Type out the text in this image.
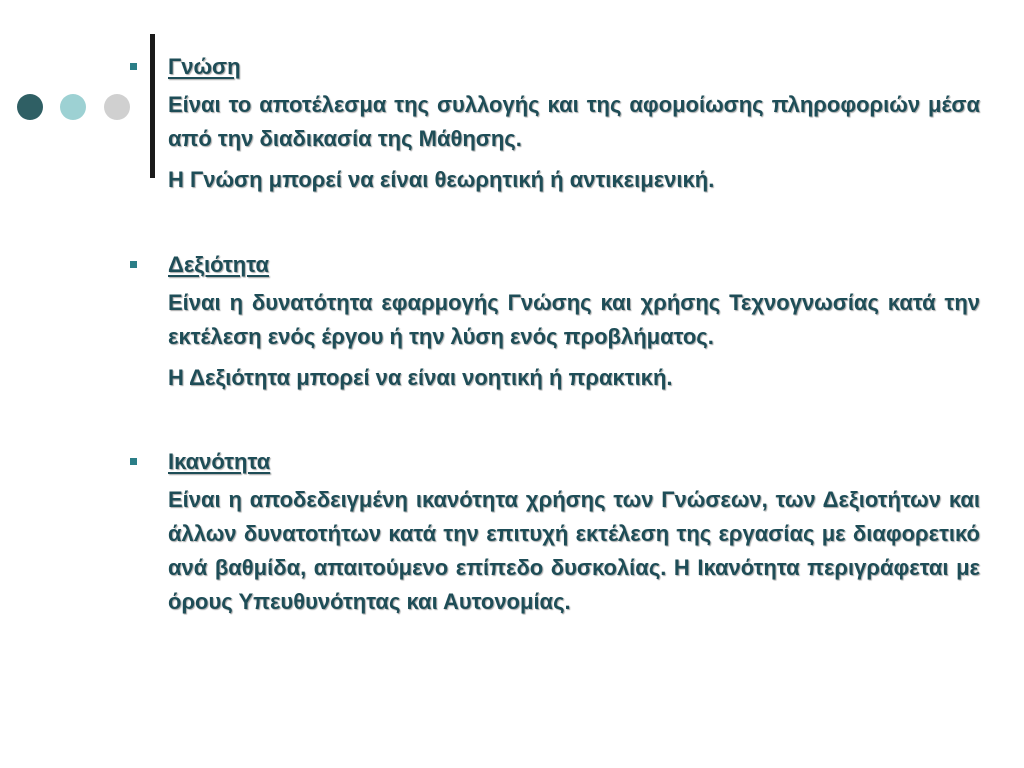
Γνώση

Είναι το αποτέλεσμα της συλλογής και της αφομοίωσης πληροφοριών μέσα από την διαδικασία της Μάθησης.

Η Γνώση μπορεί να είναι θεωρητική ή αντικειμενική.

Δεξιότητα

Είναι η δυνατότητα εφαρμογής Γνώσης και χρήσης Τεχνογνωσίας κατά την εκτέλεση ενός έργου ή την λύση ενός προβλήματος.

Η Δεξιότητα μπορεί να είναι νοητική ή πρακτική.

Ικανότητα

Είναι η αποδεδειγμένη ικανότητα χρήσης των Γνώσεων, των Δεξιοτήτων και άλλων δυνατοτήτων κατά την επιτυχή εκτέλεση της εργασίας με διαφορετικό ανά βαθμίδα, απαιτούμενο επίπεδο δυσκολίας. Η Ικανότητα περιγράφεται με όρους Υπευθυνότητας και Αυτονομίας.
